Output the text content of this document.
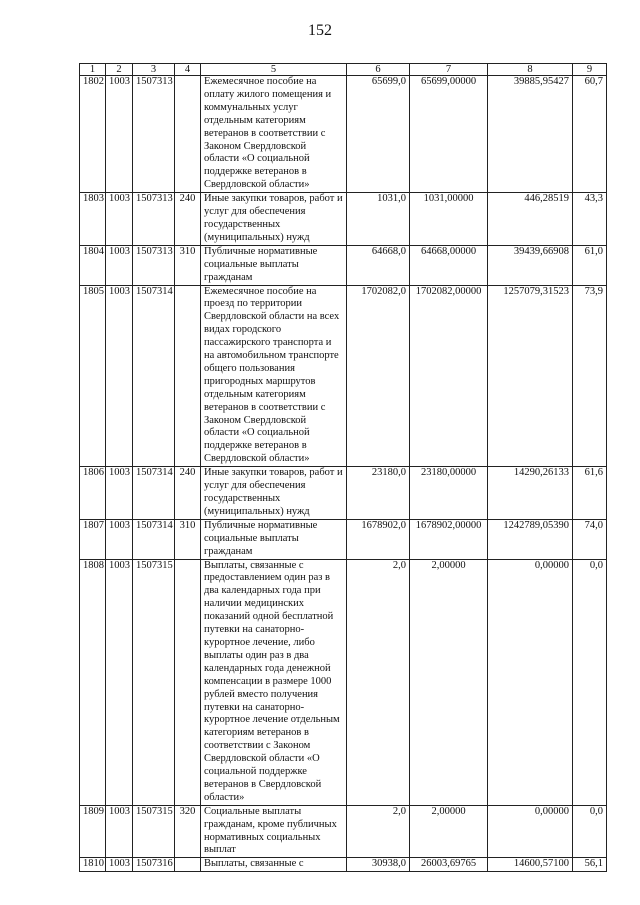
152
1	2	3	4	5	6	7	8	9
1802	1003	1507313		Ежемесячное пособие на оплату жилого помещения и коммунальных услуг отдельным категориям ветеранов в соответствии с Законом Свердловской области «О социальной поддержке ветеранов в Свердловской области»	65699,0	65699,00000	39885,95427	60,7
1803	1003	1507313	240	Иные закупки товаров, работ и услуг для обеспечения государственных (муниципальных) нужд	1031,0	1031,00000	446,28519	43,3
1804	1003	1507313	310	Публичные нормативные социальные выплаты гражданам	64668,0	64668,00000	39439,66908	61,0
1805	1003	1507314		Ежемесячное пособие на проезд по территории Свердловской области на всех видах городского пассажирского транспорта и на автомобильном транспорте общего пользования пригородных маршрутов отдельным категориям ветеранов в соответствии с Законом Свердловской области «О социальной поддержке ветеранов в Свердловской области»	1702082,0	1702082,00000	1257079,31523	73,9
1806	1003	1507314	240	Иные закупки товаров, работ и услуг для обеспечения государственных (муниципальных) нужд	23180,0	23180,00000	14290,26133	61,6
1807	1003	1507314	310	Публичные нормативные социальные выплаты гражданам	1678902,0	1678902,00000	1242789,05390	74,0
1808	1003	1507315		Выплаты, связанные с предоставлением один раз в два календарных года при наличии медицинских показаний одной бесплатной путевки на санаторно-курортное лечение, либо выплаты один раз в два календарных года денежной компенсации в размере 1000 рублей вместо получения путевки на санаторно-курортное лечение отдельным категориям ветеранов в соответствии с Законом Свердловской области «О социальной поддержке ветеранов в Свердловской области»	2,0	2,00000	0,00000	0,0
1809	1003	1507315	320	Социальные выплаты гражданам, кроме публичных нормативных социальных выплат	2,0	2,00000	0,00000	0,0
1810	1003	1507316		Выплаты, связанные с	30938,0	26003,69765	14600,57100	56,1
